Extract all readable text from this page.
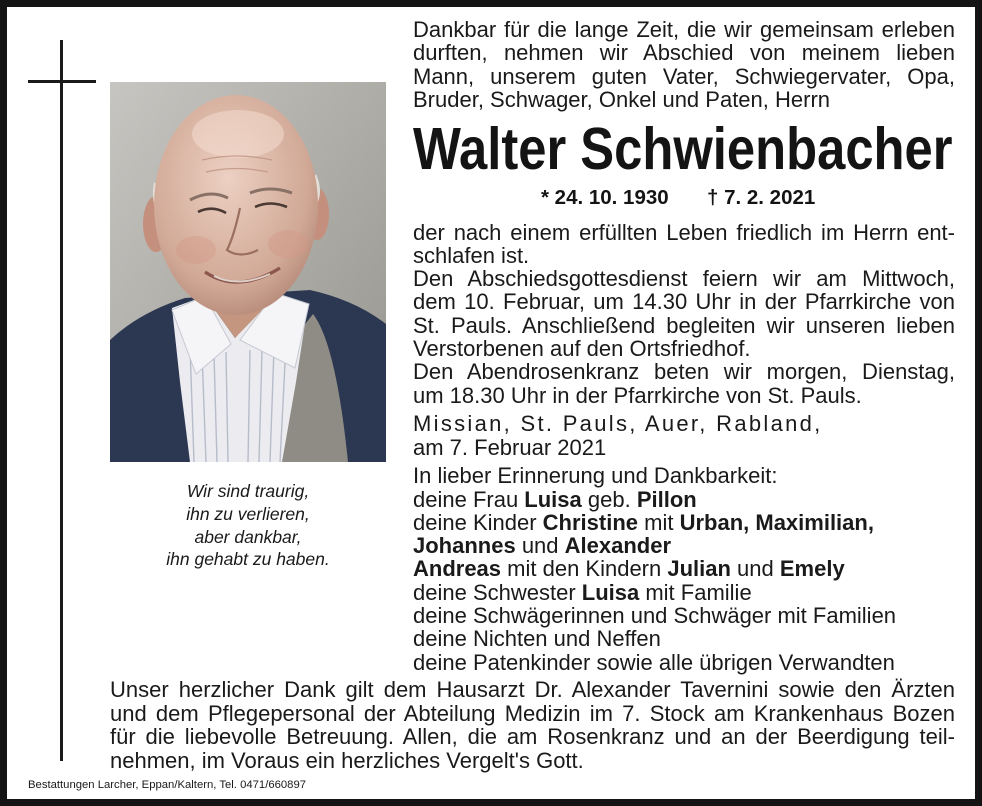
Wir sind traurig,
ihn zu verlieren,
aber dankbar,
ihn gehabt zu haben.
Dankbar für die lange Zeit, die wir gemeinsam erleben
durften, nehmen wir Abschied von meinem lieben
Mann, unserem guten Vater, Schwiegervater, Opa,
Bruder, Schwager, Onkel und Paten, Herrn
Walter Schwienbacher
* 24. 10. 1930 † 7. 2. 2021
der nach einem erfüllten Leben friedlich im Herrn ent-
schlafen ist.
Den Abschiedsgottesdienst feiern wir am Mittwoch,
dem 10. Februar, um 14.30 Uhr in der Pfarrkirche von
St. Pauls. Anschließend begleiten wir unseren lieben
Verstorbenen auf den Ortsfriedhof.
Den Abendrosenkranz beten wir morgen, Dienstag,
um 18.30 Uhr in der Pfarrkirche von St. Pauls.
Missian, St. Pauls, Auer, Rabland,
am 7. Februar 2021
In lieber Erinnerung und Dankbarkeit:
deine Frau Luisa geb. Pillon
deine Kinder Christine mit Urban, Maximilian,
Johannes und Alexander
Andreas mit den Kindern Julian und Emely
deine Schwester Luisa mit Familie
deine Schwägerinnen und Schwäger mit Familien
deine Nichten und Neffen
deine Patenkinder sowie alle übrigen Verwandten
Unser herzlicher Dank gilt dem Hausarzt Dr. Alexander Tavernini sowie den Ärzten
und dem Pflegepersonal der Abteilung Medizin im 7. Stock am Krankenhaus Bozen
für die liebevolle Betreuung. Allen, die am Rosenkranz und an der Beerdigung teil-
nehmen, im Voraus ein herzliches Vergelt's Gott.
Bestattungen Larcher, Eppan/Kaltern, Tel. 0471/660897
